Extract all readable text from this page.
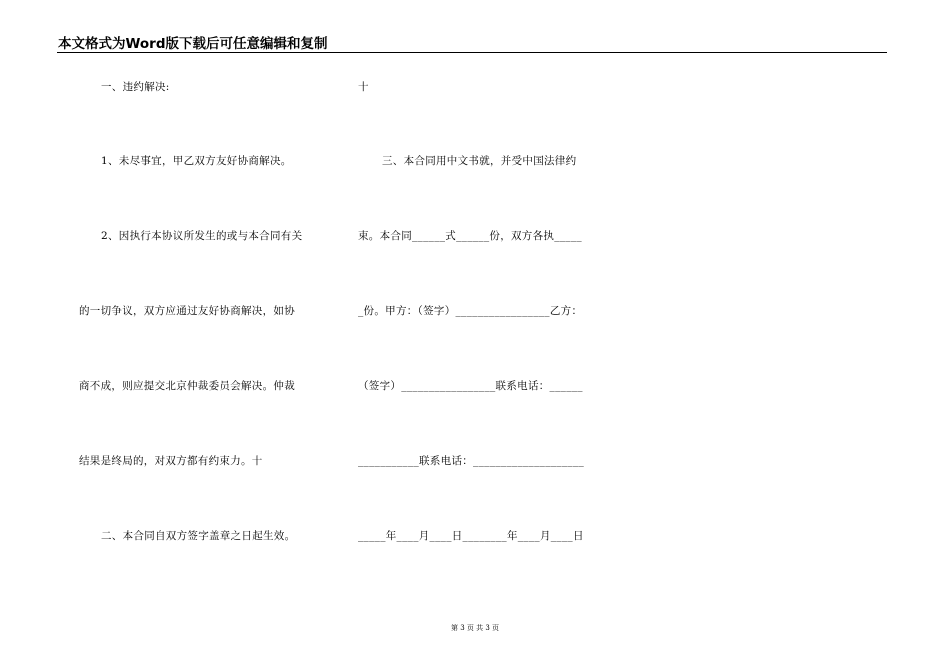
本文格式为Word版下载后可任意编辑和复制
一、违约解决:
1、未尽事宜，甲乙双方友好协商解决。
2、因执行本协议所发生的或与本合同有关
的一切争议，双方应通过友好协商解决，如协
商不成，则应提交北京仲裁委员会解决。仲裁
结果是终局的，对双方都有约束力。十
二、本合同自双方签字盖章之日起生效。
十
三、本合同用中文书就，并受中国法律约
束。本合同______式______份，双方各执_____
_份。甲方：（签字）_________________乙方：
（签字）_________________联系电话：______
___________联系电话：____________________
_____年____月____日________年____月____日
第 3 页 共 3 页
